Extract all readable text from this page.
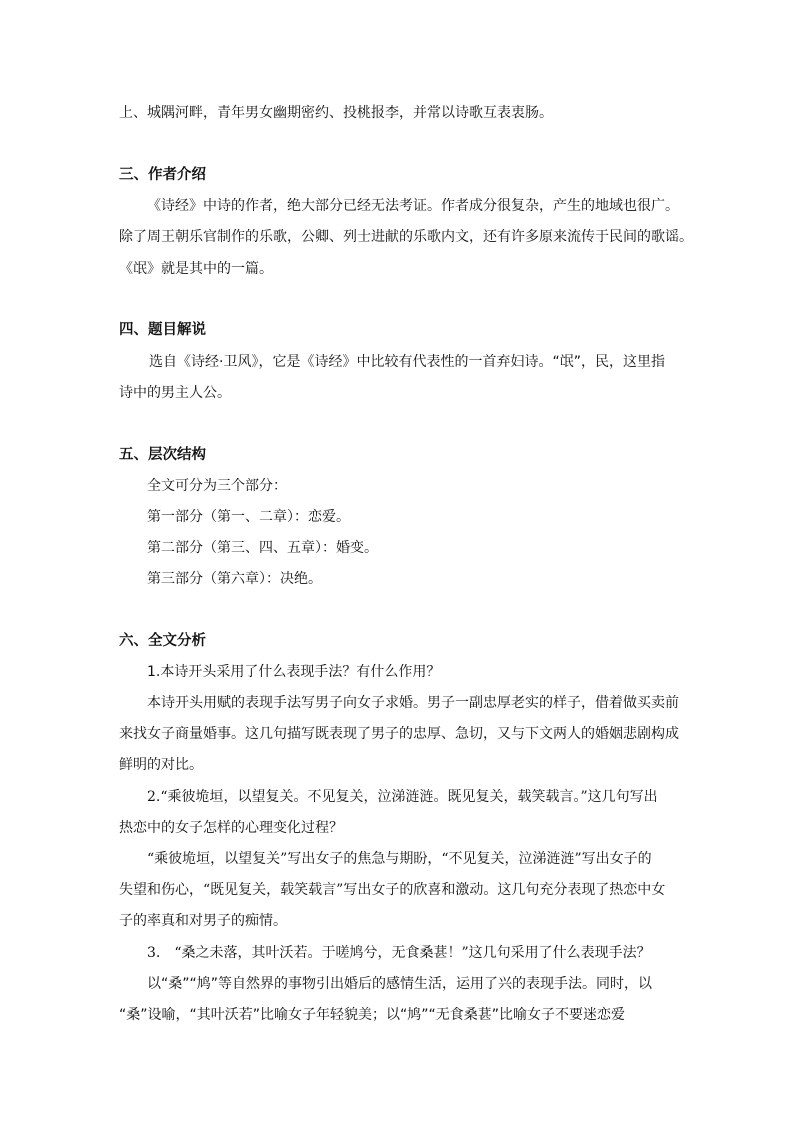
上、城隅河畔，青年男女幽期密约、投桃报李，并常以诗歌互表衷肠。
三、作者介绍
《诗经》中诗的作者，绝大部分已经无法考证。作者成分很复杂，产生的地域也很广。
除了周王朝乐官制作的乐歌，公卿、列士进献的乐歌内文，还有许多原来流传于民间的歌谣。
《氓》就是其中的一篇。
四、题目解说
选自《诗经·卫风》，它是《诗经》中比较有代表性的一首弃妇诗。“氓”，民，这里指
诗中的男主人公。
五、层次结构
全文可分为三个部分：
第一部分（第一、二章）：恋爱。
第二部分（第三、四、五章）：婚变。
第三部分（第六章）：决绝。
六、全文分析
1.本诗开头采用了什么表现手法？有什么作用？
本诗开头用赋的表现手法写男子向女子求婚。男子一副忠厚老实的样子，借着做买卖前
来找女子商量婚事。这几句描写既表现了男子的忠厚、急切，又与下文两人的婚姻悲剧构成
鲜明的对比。
2.“乘彼垝垣，以望复关。不见复关，泣涕涟涟。既见复关，载笑载言。”这几句写出
热恋中的女子怎样的心理变化过程？
“乘彼垝垣，以望复关”写出女子的焦急与期盼，“不见复关，泣涕涟涟”写出女子的
失望和伤心，“既见复关，载笑载言”写出女子的欣喜和激动。这几句充分表现了热恋中女
子的率真和对男子的痴情。
3.　“桑之未落，其叶沃若。于嗟鸠兮，无食桑葚！”这几句采用了什么表现手法？
以“桑”“鸠”等自然界的事物引出婚后的感情生活，运用了兴的表现手法。同时，以
“桑”设喻，“其叶沃若”比喻女子年轻貌美；以“鸠”“无食桑葚”比喻女子不要迷恋爱
